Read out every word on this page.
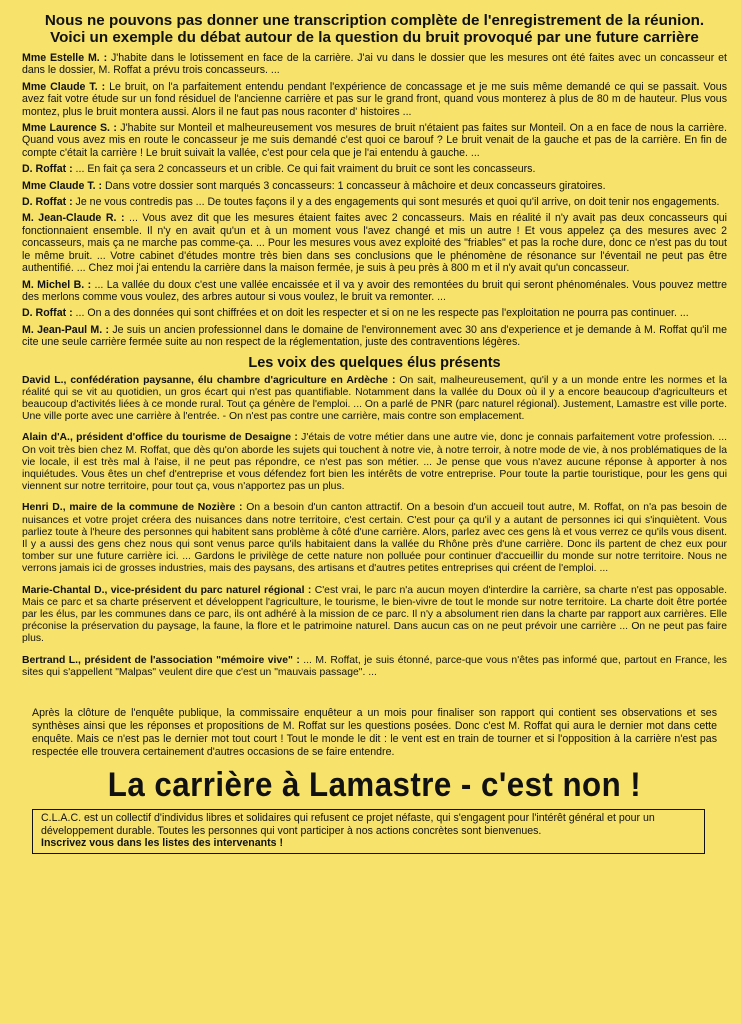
Nous ne pouvons pas donner une transcription complète de l'enregistrement de la réunion.
Voici un exemple du débat autour de la question du bruit provoqué par une future carrière
Mme Estelle M. : J'habite dans le lotissement en face de la carrière. J'ai vu dans le dossier que les mesures ont été faites avec un concasseur et dans le dossier, M. Roffat a prévu trois concasseurs. ...
Mme Claude T. : Le bruit, on l'a parfaitement entendu pendant l'expérience de concassage et je me suis même demandé ce qui se passait. Vous avez fait votre étude sur un fond résiduel de l'ancienne carrière et pas sur le grand front, quand vous monterez à plus de 80 m de hauteur. Plus vous montez, plus le bruit montera aussi. Alors il ne faut pas nous raconter d' histoires ...
Mme Laurence S. : J'habite sur Monteil et malheureusement vos mesures de bruit n'étaient pas faites sur Monteil. On a en face de nous la carrière. Quand vous avez mis en route le concasseur je me suis demandé c'est quoi ce barouf ? Le bruit venait de la gauche et pas de la carrière. En fin de compte c'était la carrière ! Le bruit suivait la vallée, c'est pour cela que je l'ai entendu à gauche. ...
D. Roffat : ... En fait ça sera 2 concasseurs et un crible. Ce qui fait vraiment du bruit ce sont les concasseurs.
Mme Claude T. : Dans votre dossier sont marqués 3 concasseurs: 1 concasseur à mâchoire et deux concasseurs giratoires.
D. Roffat : Je ne vous contredis pas ... De toutes façons il y a des engagements qui sont mesurés et quoi qu'il arrive, on doit tenir nos engagements.
M. Jean-Claude R. : ... Vous avez dit que les mesures étaient faites avec 2 concasseurs. Mais en réalité il n'y avait pas deux concasseurs qui fonctionnaient ensemble. Il n'y en avait qu'un et à un moment vous l'avez changé et mis un autre ! Et vous appelez ça des mesures avec 2 concasseurs, mais ça ne marche pas comme-ça. ... Pour les mesures vous avez exploité des "friables" et pas la roche dure, donc ce n'est pas du tout le même bruit. ... Votre cabinet d'études montre très bien dans ses conclusions que le phénomène de résonance sur l'éventail ne peut pas être authentifié. ... Chez moi j'ai entendu la carrière dans la maison fermée, je suis à peu près à 800 m et il n'y avait qu'un concasseur.
M. Michel B. : ... La vallée du doux c'est une vallée encaissée et il va y avoir des remontées du bruit qui seront phénoménales. Vous pouvez mettre des merlons comme vous voulez, des arbres autour si vous voulez, le bruit va remonter. ...
D. Roffat : ... On a des données qui sont chiffrées et on doit les respecter et si on ne les respecte pas l'exploitation ne pourra pas continuer. ...
M. Jean-Paul M. : Je suis un ancien professionnel dans le domaine de l'environnement avec 30 ans d'experience et je demande à M. Roffat qu'il me cite une seule carrière fermée suite au non respect de la réglementation, juste des contraventions légères.
Les voix des quelques élus présents
David L., confédération paysanne, élu chambre d'agriculture en Ardèche : On sait, malheureusement, qu'il y a un monde entre les normes et la réalité qui se vit au quotidien, un gros écart qui n'est pas quantifiable. Notamment dans la vallée du Doux où il y a encore beaucoup d'agriculteurs et beaucoup d'activités liées à ce monde rural. Tout ça génère de l'emploi. ... On a parlé de PNR (parc naturel régional). Justement, Lamastre est ville porte. Une ville porte avec une carrière à l'entrée. - On n'est pas contre une carrière, mais contre son emplacement.
Alain d'A., président d'office du tourisme de Desaigne : J'étais de votre métier dans une autre vie, donc je connais parfaitement votre profession. ... On voit très bien chez M. Roffat, que dès qu'on aborde les sujets qui touchent à notre vie, à notre terroir, à notre mode de vie, à nos problématiques de la vie locale, il est très mal à l'aise, il ne peut pas répondre, ce n'est pas son métier. ... Je pense que vous n'avez aucune réponse à apporter à nos inquiétudes. Vous êtes un chef d'entreprise et vous défendez fort bien les intérêts de votre entreprise. Pour toute la partie touristique, pour les gens qui viennent sur notre territoire, pour tout ça, vous n'apportez pas un plus.
Henri D., maire de la commune de Nozière : On a besoin d'un canton attractif. On a besoin d'un accueil tout autre, M. Roffat, on n'a pas besoin de nuisances et votre projet créera des nuisances dans notre territoire, c'est certain. C'est pour ça qu'il y a autant de personnes ici qui s'inquiètent. Vous parliez toute à l'heure des personnes qui habitent sans problème à côté d'une carrière. Alors, parlez avec ces gens là et vous verrez ce qu'ils vous disent. Il y a aussi des gens chez nous qui sont venus parce qu'ils habitaient dans la vallée du Rhône près d'une carrière. Donc ils partent de chez eux pour tomber sur une future carrière ici. ... Gardons le privilège de cette nature non polluée pour continuer d'accueillir du monde sur notre territoire. Nous ne verrons jamais ici de grosses industries, mais des paysans, des artisans et d'autres petites entreprises qui créent de l'emploi. ...
Marie-Chantal D., vice-président du parc naturel régional : C'est vrai, le parc n'a aucun moyen d'interdire la carrière, sa charte n'est pas opposable. Mais ce parc et sa charte préservent et développent l'agriculture, le tourisme, le bien-vivre de tout le monde sur notre territoire. La charte doit être portée par les élus, par les communes dans ce parc, ils ont adhéré à la mission de ce parc. Il n'y a absolument rien dans la charte par rapport aux carrières. Elle préconise la préservation du paysage, la faune, la flore et le patrimoine naturel. Dans aucun cas on ne peut prévoir une carrière ... On ne peut pas faire plus.
Bertrand L., président de l'association "mémoire vive" : ... M. Roffat, je suis étonné, parce-que vous n'êtes pas informé que, partout en France, les sites qui s'appellent "Malpas" veulent dire que c'est un "mauvais passage". ...
Après la clôture de l'enquête publique, la commissaire enquêteur a un mois pour finaliser son rapport qui contient ses observations et ses synthèses ainsi que les réponses et propositions de M. Roffat sur les questions posées. Donc c'est M. Roffat qui aura le dernier mot dans cette enquête. Mais ce n'est pas le dernier mot tout court ! Tout le monde le dit : le vent est en train de tourner et si l'opposition à la carrière n'est pas respectée elle trouvera certainement d'autres occasions de se faire entendre.
La carrière à Lamastre - c'est non !
C.L.A.C. est un collectif d'individus libres et solidaires qui refusent ce projet néfaste, qui s'engagent pour l'intérêt général et pour un développement durable. Toutes les personnes qui vont participer à nos actions concrètes sont bienvenues.
Inscrivez vous dans les listes des intervenants !
